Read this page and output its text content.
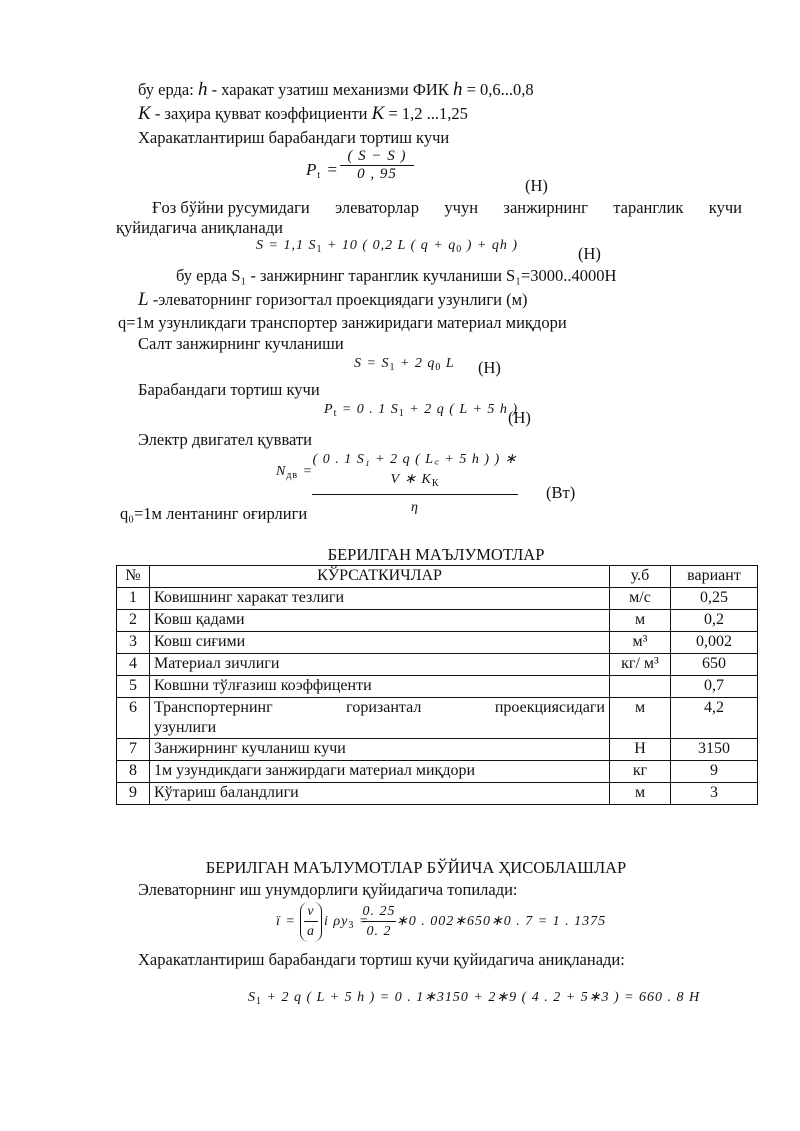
бу ерда: h - харакат узатиш механизми ФИК h = 0,6...0,8
K - заҳира қувват коэффициенти K = 1,2 ...1,25
Харакатлантириш барабандаги тортиш кучи
$P_t = \frac{( S - S )}{0 , 95}$
(Н)
Ғоз бўйни русумидаги элеваторлар учун занжирнинг таранглик кучи
қуйидагича аниқланади
S = 1,1 $S_1 + 10$ ( 0,2 L ( $q + q_0$ ) + qh )	(Н)
бу ерда S₁ - занжирнинг таранглик кучланиши S₁=3000..4000Н
L -элеваторнинг горизогтал проекциядаги узунлиги (м)
q=1м узунликдаги транспортер занжиридаги материал миқдори
Салт занжирнинг кучланиши
$S = S_1 + 2$ $q_0$ L (Н)
Барабандаги тортиш кучи
$P_t = 0$ . 1 $S_1 + 2$ q ( L + 5 h )
(Н)
Электр двигател қуввати
$N_{дв}$ =
( 0 . 1 S₁ + 2 q ( L꜀ + 5 h ) ) ∗ V ∗ $K_К$
η
(Вт)
q₀=1м лентанинг оғирлиги
БЕРИЛГАН МАЪЛУМОТЛАР
№	КЎРСАТКИЧЛАР	у.б	вариант
1	Ковишнинг харакат тезлиги	м/с	0,25
2	Ковш қадами	м	0,2
3	Ковш сиғими	м³	0,002
4	Материал зичлиги	кг/ м³	650
5	Ковшни тўлғазиш коэффиценти		0,7
6	Транспортернинг горизантал проекциясидаги
узунлиги	м	4,2
7	Занжирнинг кучланиш кучи	Н	3150
8	1м узундикдаги занжирдаги материал миқдори	кг	9
9	Кўтариш баландлиги	м	3
БЕРИЛГАН МАЪЛУМОТЛАР БЎЙИЧА ҲИСОБЛАШЛАР
Элеваторнинг иш унумдорлиги қуйидагича топилади:
ï = $\frac{v}{a}$ i $\rho y_3$ =
$\frac{0. 25}{0. 2}$ ∗0 . 002∗650∗0 . 7 = 1 . 1375
Харакатлантириш барабандаги тортиш кучи қуйидагича аниқланади:
$S_1 + 2$ q ( L + 5 h ) = 0 . 1∗3150 + 2∗9 ( 4 . 2 + 5∗3 ) = 660 . 8 H
